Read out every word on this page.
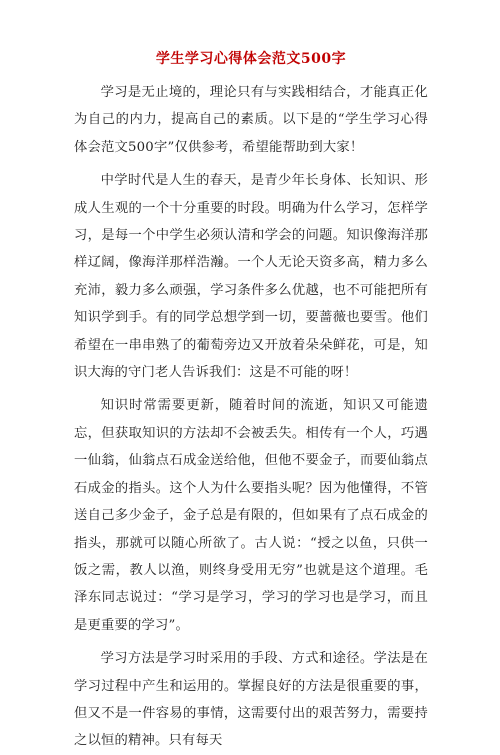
学生学习心得体会范文500字

学习是无止境的，理论只有与实践相结合，才能真正化为自己的内力，提高自己的素质。以下是的“学生学习心得体会范文500字”仅供参考，希望能帮助到大家！

中学时代是人生的春天，是青少年长身体、长知识、形成人生观的一个十分重要的时段。明确为什么学习，怎样学习，是每一个中学生必须认清和学会的问题。知识像海洋那样辽阔，像海洋那样浩瀚。一个人无论天资多高，精力多么充沛，毅力多么顽强，学习条件多么优越，也不可能把所有知识学到手。有的同学总想学到一切，要蔷薇也要雪。他们希望在一串串熟了的葡萄旁边又开放着朵朵鲜花，可是，知识大海的守门老人告诉我们：这是不可能的呀！

知识时常需要更新，随着时间的流逝，知识又可能遗忘，但获取知识的方法却不会被丢失。相传有一个人，巧遇一仙翁，仙翁点石成金送给他，但他不要金子，而要仙翁点石成金的指头。这个人为什么要指头呢？因为他懂得，不管送自己多少金子，金子总是有限的，但如果有了点石成金的指头，那就可以随心所欲了。古人说：“授之以鱼，只供一饭之需，教人以渔，则终身受用无穷”也就是这个道理。毛泽东同志说过：“学习是学习，学习的学习也是学习，而且是更重要的学习”。

学习方法是学习时采用的手段、方式和途径。学法是在学习过程中产生和运用的。掌握良好的方法是很重要的事，但又不是一件容易的事情，这需要付出的艰苦努力，需要持之以恒的精神。只有每天
